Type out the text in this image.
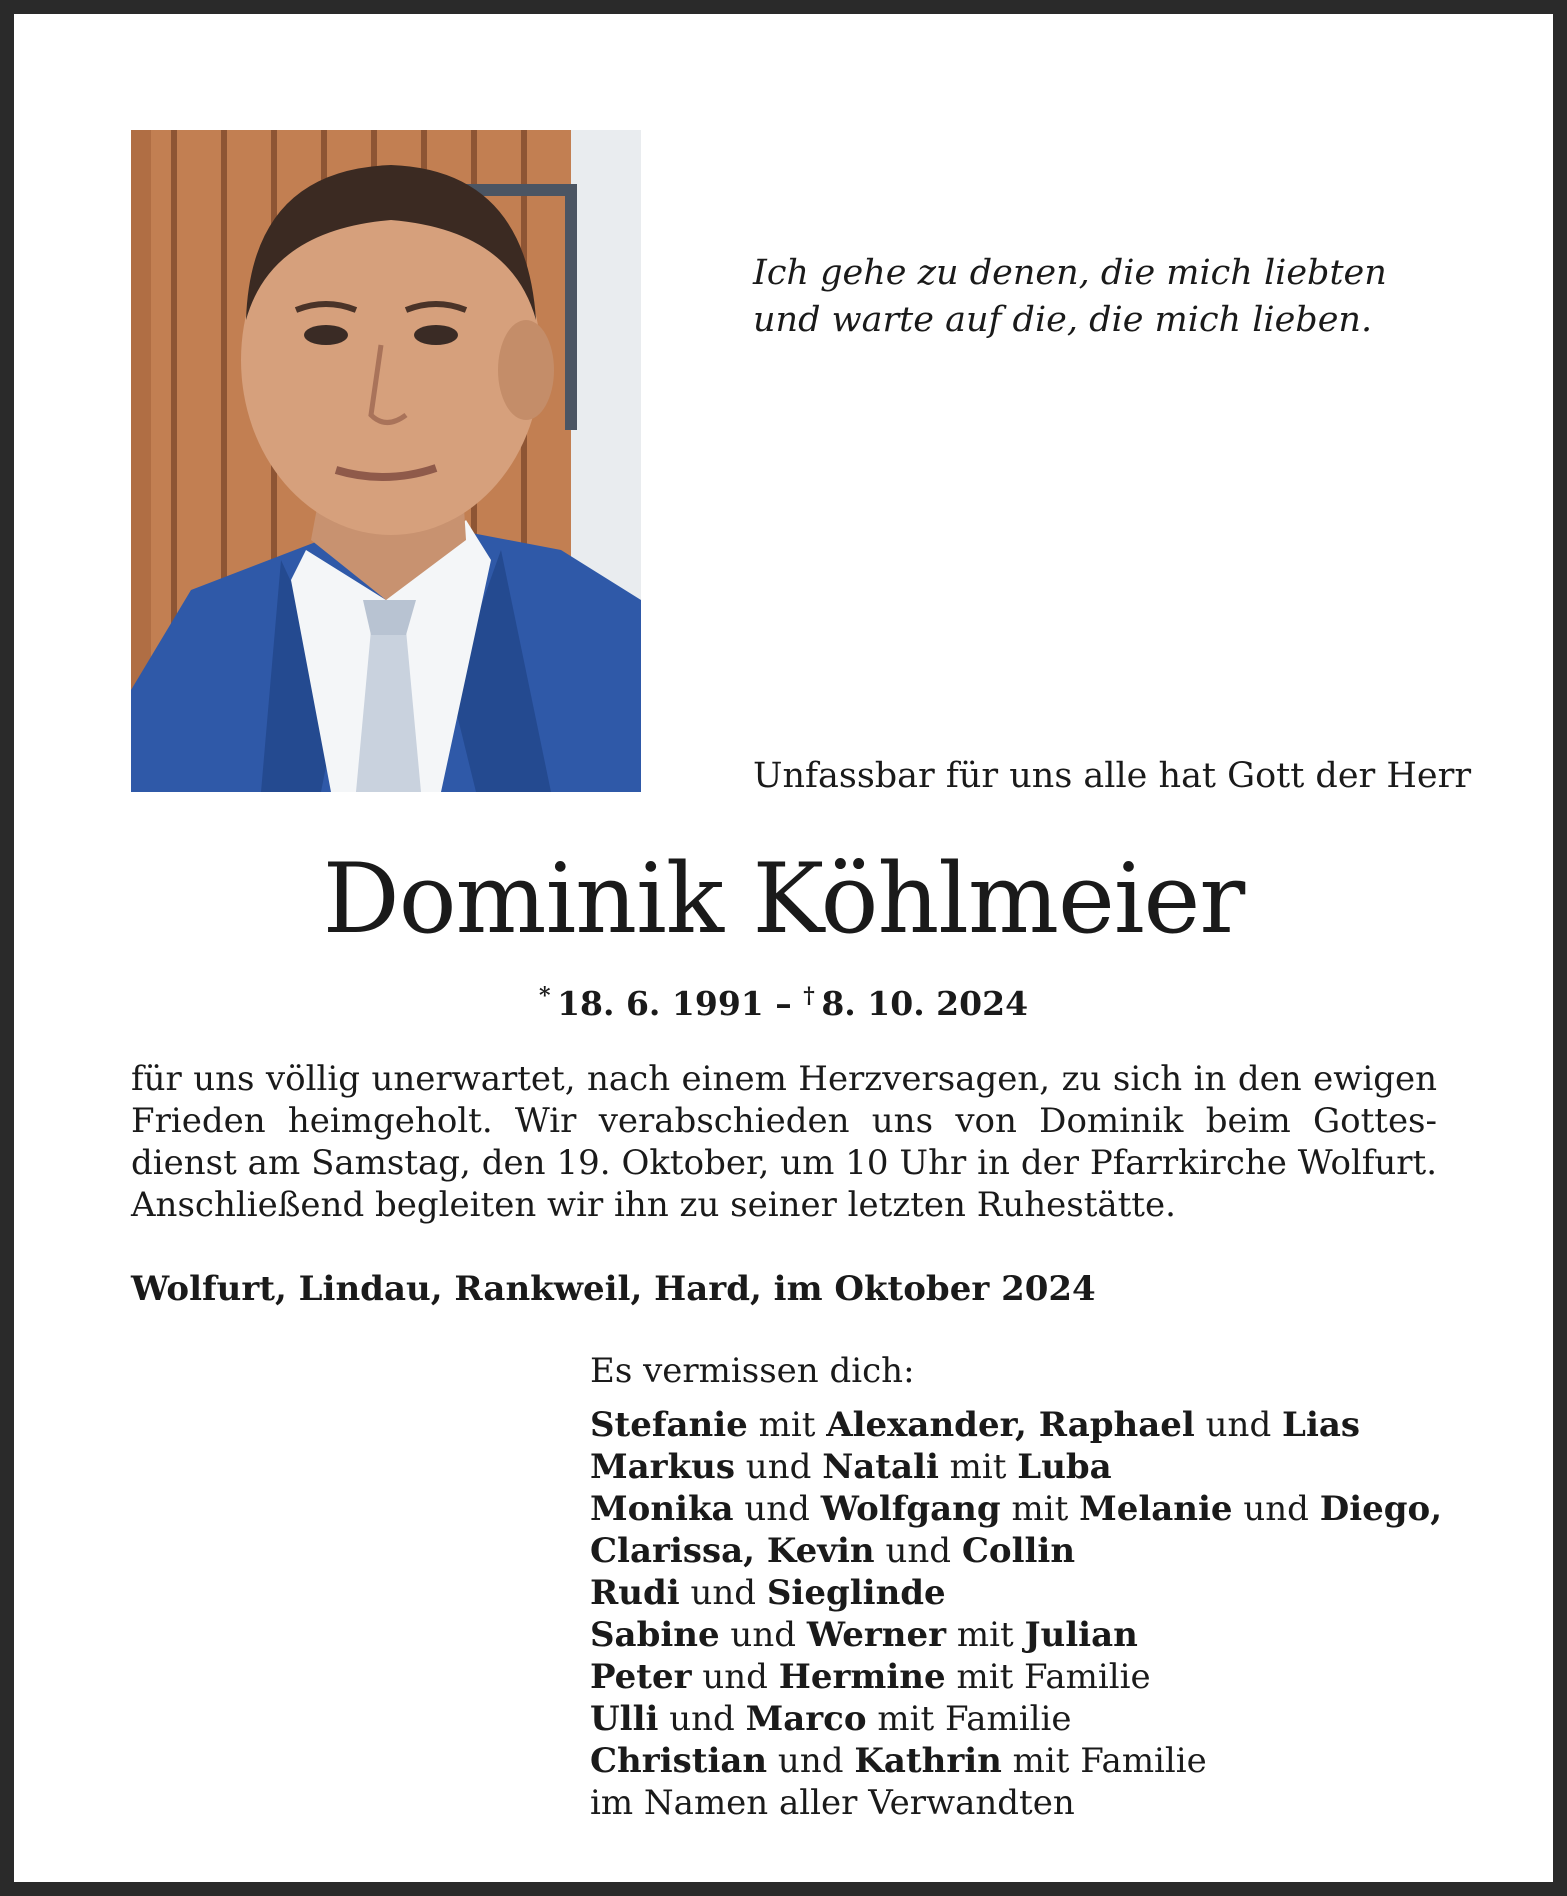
Ich gehe zu denen, die mich liebten
und warte auf die, die mich lieben.
Unfassbar für uns alle hat Gott der Herr
Dominik Köhlmeier
*  18. 6. 1991 – †  8. 10. 2024
für uns völlig unerwartet, nach einem Herzversagen, zu sich in den ewigen
Frieden heimgeholt. Wir verabschieden uns von Dominik beim Gottes-
dienst am Samstag, den 19. Oktober, um 10 Uhr in der Pfarrkirche Wolfurt.
Anschließend begleiten wir ihn zu seiner letzten Ruhestätte.
Wolfurt, Lindau, Rankweil, Hard, im Oktober 2024
Es vermissen dich:
Stefanie mit Alexander, Raphael und Lias
Markus und Natali mit Luba
Monika und Wolfgang mit Melanie und Diego,
Clarissa, Kevin und Collin
Rudi und Sieglinde
Sabine und Werner mit Julian
Peter und Hermine mit Familie
Ulli und Marco mit Familie
Christian und Kathrin mit Familie
im Namen aller Verwandten
